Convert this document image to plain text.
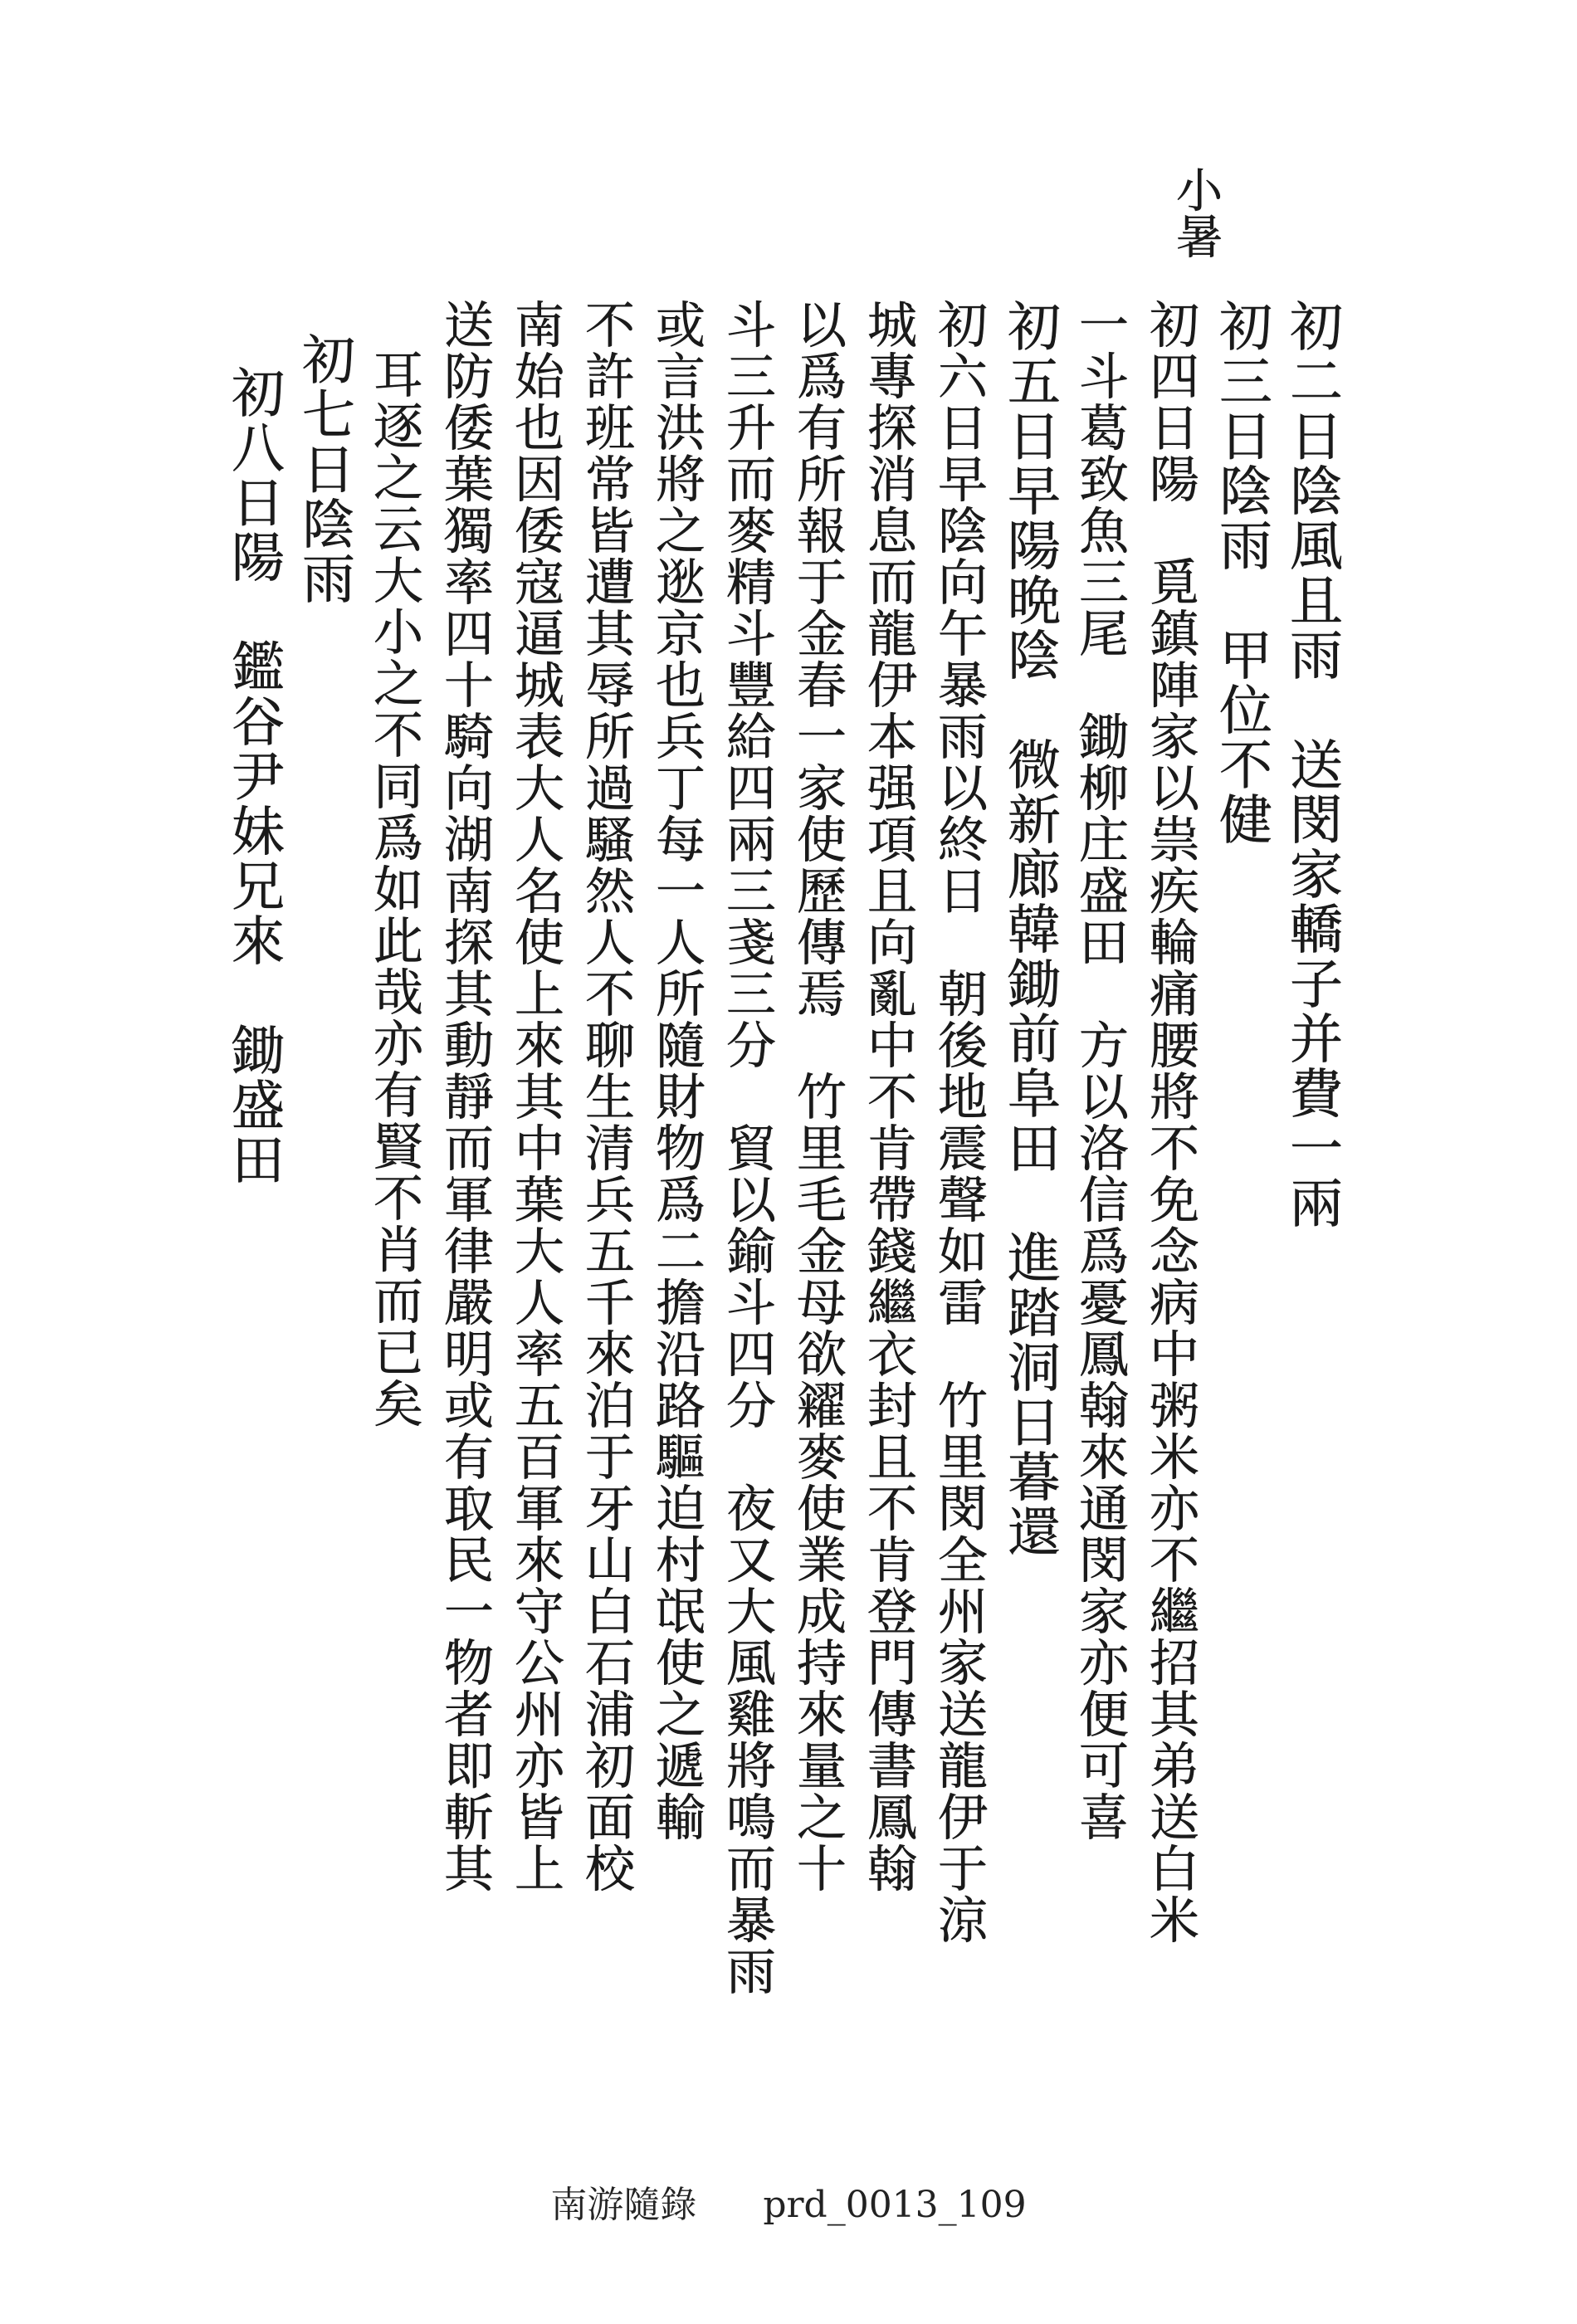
小暑
初二日陰風且雨　送閔家轎子并費一兩
初三日陰雨　甲位不健
初四日陽　覓鎮陣家以祟疾輪痛腰將不免念病中粥米亦不繼招其弟送白米
一斗葛致魚三尾　鋤柳庄盛田　方以洛信爲憂鳳翰來通閔家亦便可喜
初五日早陽晩陰　微新廊韓鋤前阜田　進踏洞日暮還
初六日早陰向午暴雨以終日　朝後地震聲如雷　竹里閔全州家送龍伊于涼
城專探消息而龍伊本强項且向亂中不肯帶錢繼衣封且不肯登門傳書鳳翰
以爲有所報于金春一家使歷傳焉　竹里毛金母欲糴麥使業成持來量之十
斗三升而麥精斗豐給四兩三戔三分　貿以鍮斗四分　夜又大風雞將鳴而暴雨
或言洪將之逖京也兵丁每一人所隨財物爲二擔沿路驅迫村氓使之遞輸
不許班常皆遭其辱所過騷然人不聊生清兵五千來泊于牙山白石浦初面校
南始也因倭寇逼城表大人名使上來其中葉大人率五百軍來守公州亦皆上
送防倭葉獨率四十騎向湖南探其動靜而軍律嚴明或有取民一物者即斬其
耳逐之云大小之不同爲如此哉亦有賢不肖而已矣
初七日陰雨
初八日陽　鑑谷尹妹兄來　鋤盛田
南游隨錄 prd_0013_109
